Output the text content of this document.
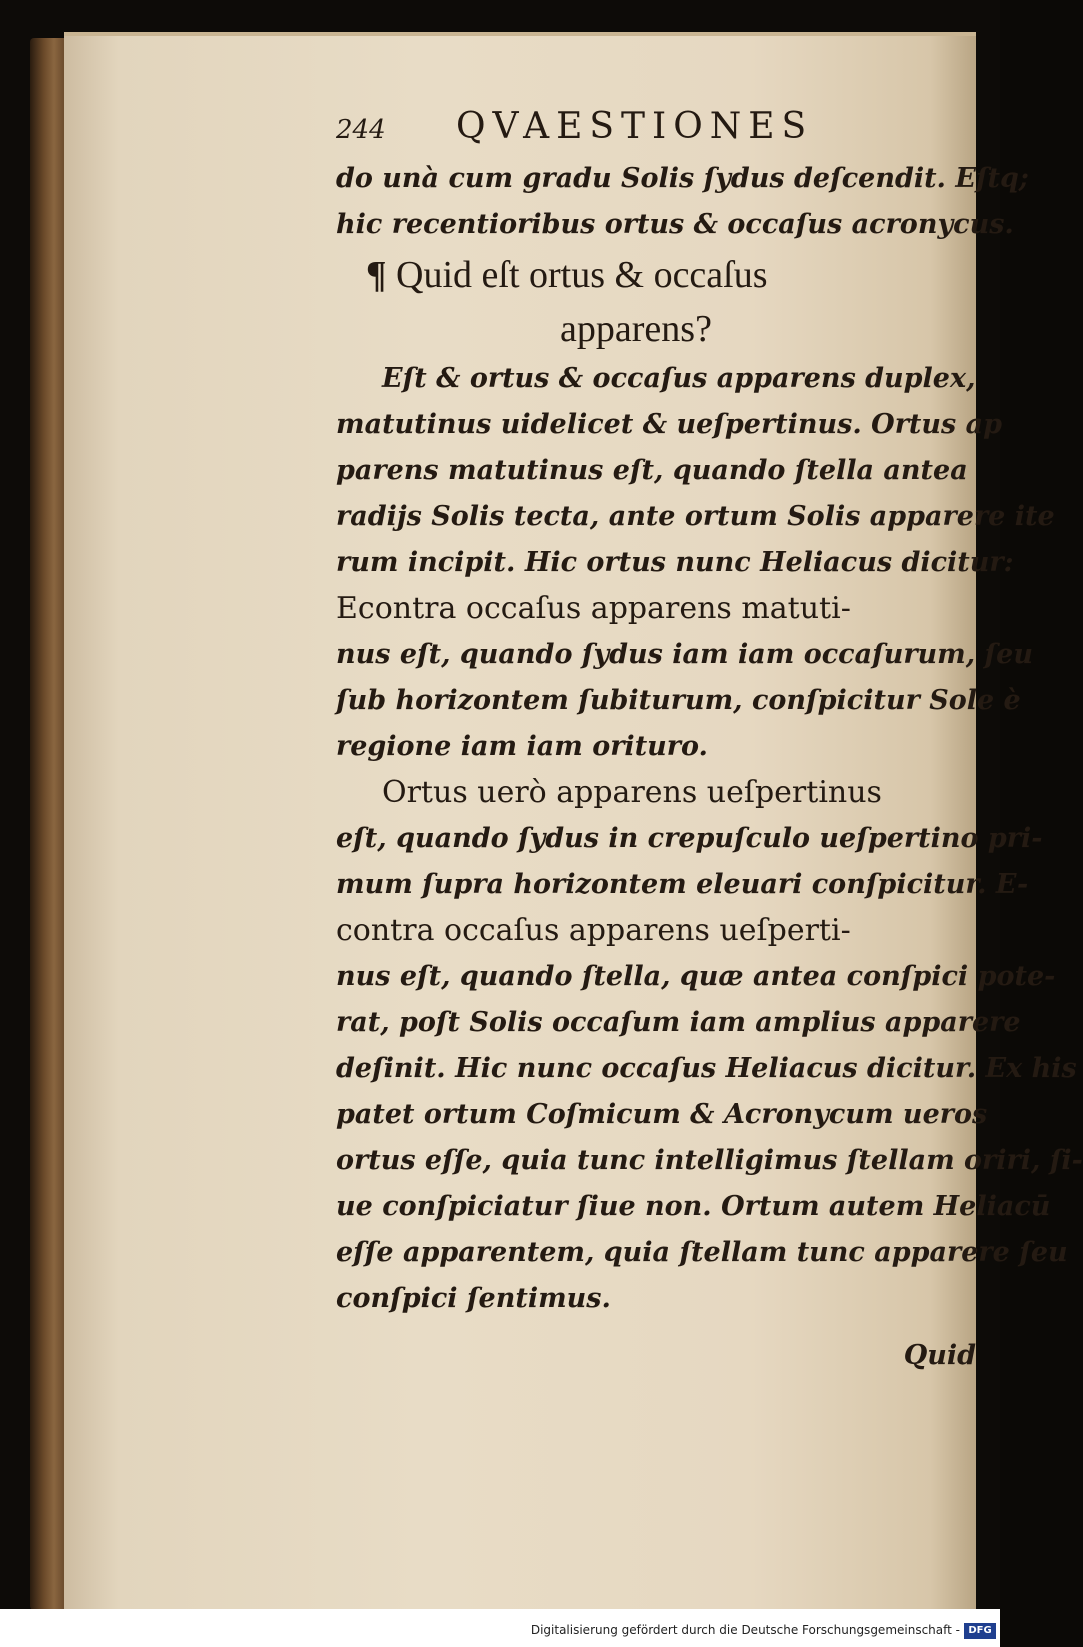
244	QVAESTIONES
do unà cum gradu Solis ſydus deſcendit. Eſtq;
hic recentioribus ortus & occaſus acronycus.
¶ Quid eſt ortus & occaſus
apparens?
Eſt & ortus & occaſus apparens duplex,
matutinus uidelicet & ueſpertinus. Ortus ap
parens matutinus eſt, quando ſtella antea
radijs Solis tecta, ante ortum Solis apparere ite
rum incipit. Hic ortus nunc Heliacus dicitur:
Econtra occaſus apparens matuti-
nus eſt, quando ſydus iam iam occaſurum, ſeu
ſub horizontem ſubiturum, conſpicitur Sole è
regione iam iam orituro.
Ortus uerò apparens ueſpertinus
eſt, quando ſydus in crepuſculo ueſpertino pri-
mum ſupra horizontem eleuari conſpicitur. E-
contra occaſus apparens ueſperti-
nus eſt, quando ſtella, quæ antea conſpici pote-
rat, poſt Solis occaſum iam amplius apparere
deſinit. Hic nunc occaſus Heliacus dicitur. Ex his
patet ortum Coſmicum & Acronycum ueros
ortus eſſe, quia tunc intelligimus ſtellam oriri, ſi-
ue conſpiciatur ſiue non. Ortum autem Heliacū
eſſe apparentem, quia ſtellam tunc apparere ſeu
conſpici ſentimus.
Quid
Digitalisierung gefördert durch die Deutsche Forschungsgemeinschaft - DFG
